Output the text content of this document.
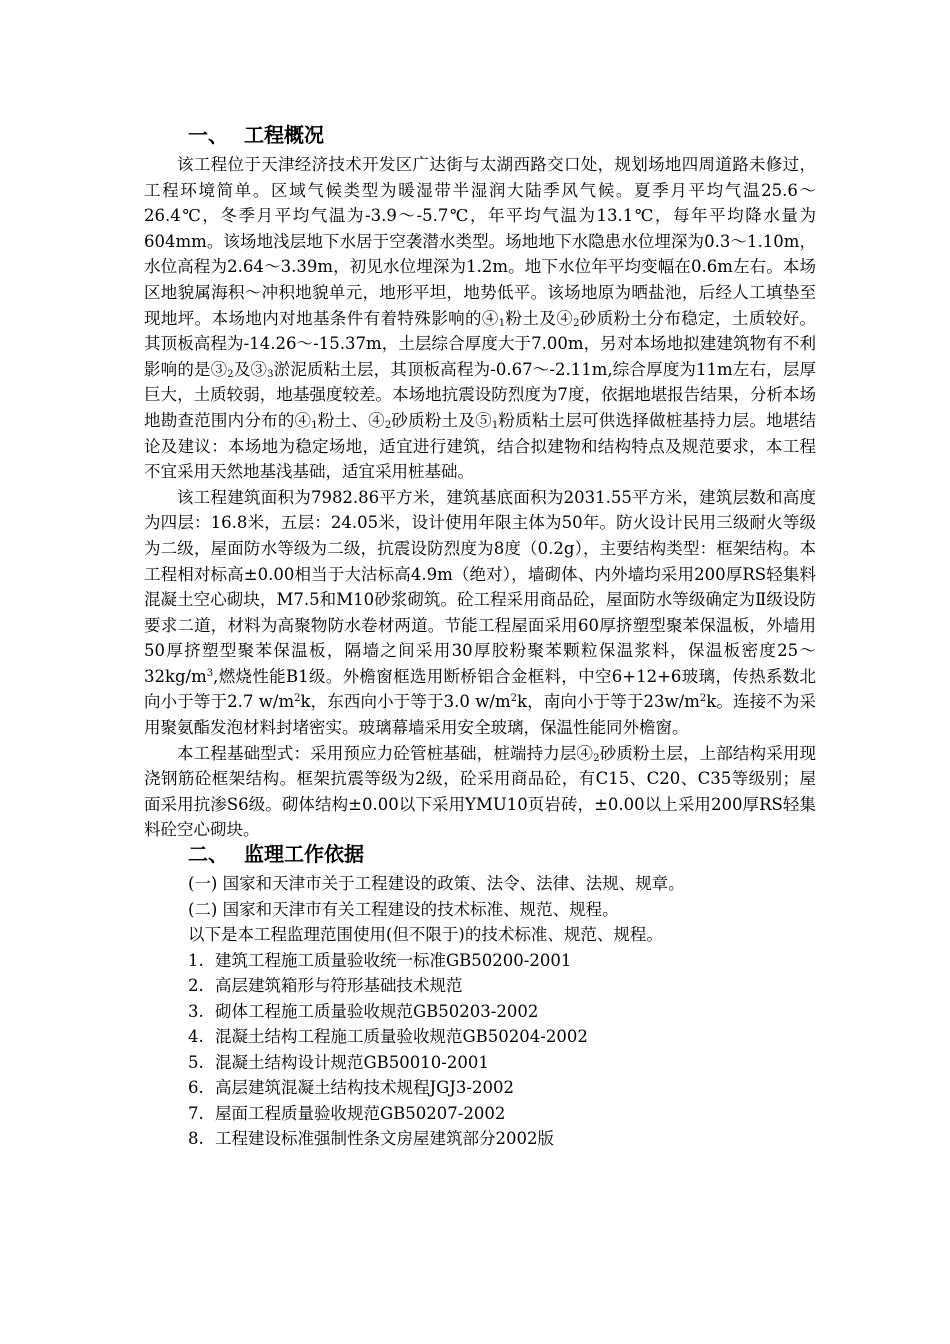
一、 工程概况

该工程位于天津经济技术开发区广达街与太湖西路交口处，规划场地四周道路未修过，工程环境简单。区域气候类型为暖湿带半湿润大陆季风气候。夏季月平均气温25.6～26.4℃，冬季月平均气温为-3.9～-5.7℃，年平均气温为13.1℃，每年平均降水量为604mm。该场地浅层地下水居于空袭潜水类型。场地地下水隐患水位埋深为0.3～1.10m，水位高程为2.64～3.39m，初见水位埋深为1.2m。地下水位年平均变幅在0.6m左右。本场区地貌属海积～冲积地貌单元，地形平坦，地势低平。该场地原为晒盐池，后经人工填垫至现地坪。本场地内对地基条件有着特殊影响的$④_1$粉土及$④_2$砂质粉土分布稳定，土质较好。其顶板高程为-14.26～-15.37m，土层综合厚度大于7.00m，另对本场地拟建建筑物有不利影响的是$③_2$及$③_3$淤泥质粘土层，其顶板高程为-0.67～-2.11m,综合厚度为11m左右，层厚巨大，土质较弱，地基强度较差。本场地抗震设防烈度为7度，依据地堪报告结果，分析本场地勘查范围内分布的$④_1$粉土、$④_2$砂质粉土及$⑤_1$粉质粘土层可供选择做桩基持力层。地堪结论及建议：本场地为稳定场地，适宜进行建筑，结合拟建物和结构特点及规范要求，本工程不宜采用天然地基浅基础，适宜采用桩基础。

该工程建筑面积为7982.86平方米，建筑基底面积为2031.55平方米，建筑层数和高度为四层：16.8米，五层：24.05米，设计使用年限主体为50年。防火设计民用三级耐火等级为二级，屋面防水等级为二级，抗震设防烈度为8度（0.2g），主要结构类型：框架结构。本工程相对标高±0.00相当于大沽标高4.9m（绝对），墙砌体、内外墙均采用200厚RS轻集料混凝土空心砌块，M7.5和M10砂浆砌筑。砼工程采用商品砼，屋面防水等级确定为Ⅱ级设防要求二道，材料为高聚物防水卷材两道。节能工程屋面采用60厚挤塑型聚苯保温板，外墙用50厚挤塑型聚苯保温板，隔墙之间采用30厚胶粉聚苯颗粒保温浆料，保温板密度$25\sim 32kg/m^3$,燃烧性能B1级。外檐窗框选用断桥铝合金框料，中空6+12+6玻璃，传热系数北向小于等于2.7 $w/m^2k$，东西向小于等于3.0 $w/m^2k$，南向小于等于$23w/m^2k$。连接不为采用聚氨酯发泡材料封堵密实。玻璃幕墙采用安全玻璃，保温性能同外檐窗。

本工程基础型式：采用预应力砼管桩基础，桩端持力层$④_2$砂质粉土层，上部结构采用现浇钢筋砼框架结构。框架抗震等级为2级，砼采用商品砼，有C15、C20、C35等级别；屋面采用抗渗S6级。砌体结构±0.00以下采用YMU10页岩砖，±0.00以上采用200厚RS轻集料砼空心砌块。

二、 监理工作依据
(一) 国家和天津市关于工程建设的政策、法令、法律、法规、规章。
(二) 国家和天津市有关工程建设的技术标准、规范、规程。
以下是本工程监理范围使用(但不限于)的技术标准、规范、规程。
1. 建筑工程施工质量验收统一标准GB50200-2001
2. 高层建筑箱形与符形基础技术规范
3. 砌体工程施工质量验收规范GB50203-2002
4. 混凝土结构工程施工质量验收规范GB50204-2002
5. 混凝土结构设计规范GB50010-2001
6. 高层建筑混凝土结构技术规程JGJ3-2002
7. 屋面工程质量验收规范GB50207-2002
8. 工程建设标准强制性条文房屋建筑部分2002版
